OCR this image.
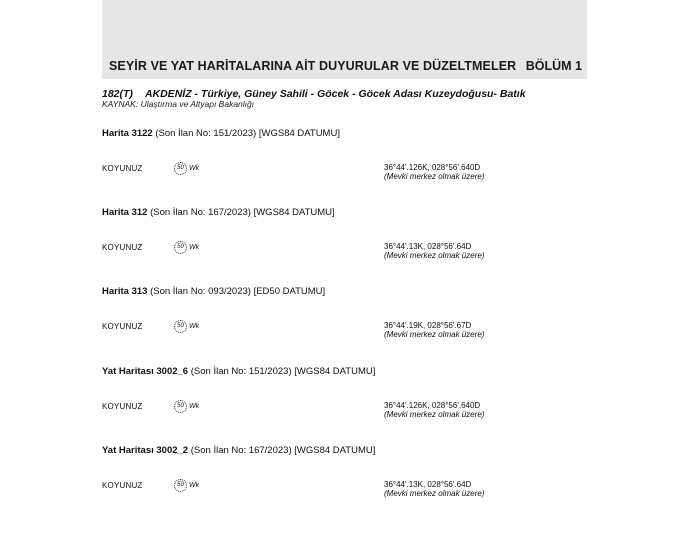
SEYİR VE YAT HARİTALARINA AİT DUYURULAR VE DÜZELTMELER BÖLÜM 1
182(T) AKDENİZ - Türkiye, Güney Sahili - Göcek - Göcek Adası Kuzeydoğusu- Batık
KAYNAK: Ulaştırma ve Altyapı Bakanlığı
Harita 3122 (Son İlan No: 151/2023) [WGS84 DATUMU]
KOYUNUZ	50 Wk	36°44'.126K, 028°56'.640D
(Mevki merkez olmak üzere)
Harita 312 (Son İlan No: 167/2023) [WGS84 DATUMU]
KOYUNUZ	50 Wk	36°44'.13K, 028°56'.64D
(Mevki merkez olmak üzere)
Harita 313 (Son İlan No: 093/2023) [ED50 DATUMU]
KOYUNUZ	50 Wk	36°44'.19K, 028°56'.67D
(Mevki merkez olmak üzere)
Yat Haritası 3002_6 (Son İlan No: 151/2023) [WGS84 DATUMU]
KOYUNUZ	50 Wk	36°44'.126K, 028°56'.640D
(Mevki merkez olmak üzere)
Yat Haritası 3002_2 (Son İlan No: 167/2023) [WGS84 DATUMU]
KOYUNUZ	50 Wk	36°44'.13K, 028°56'.64D
(Mevki merkez olmak üzere)
